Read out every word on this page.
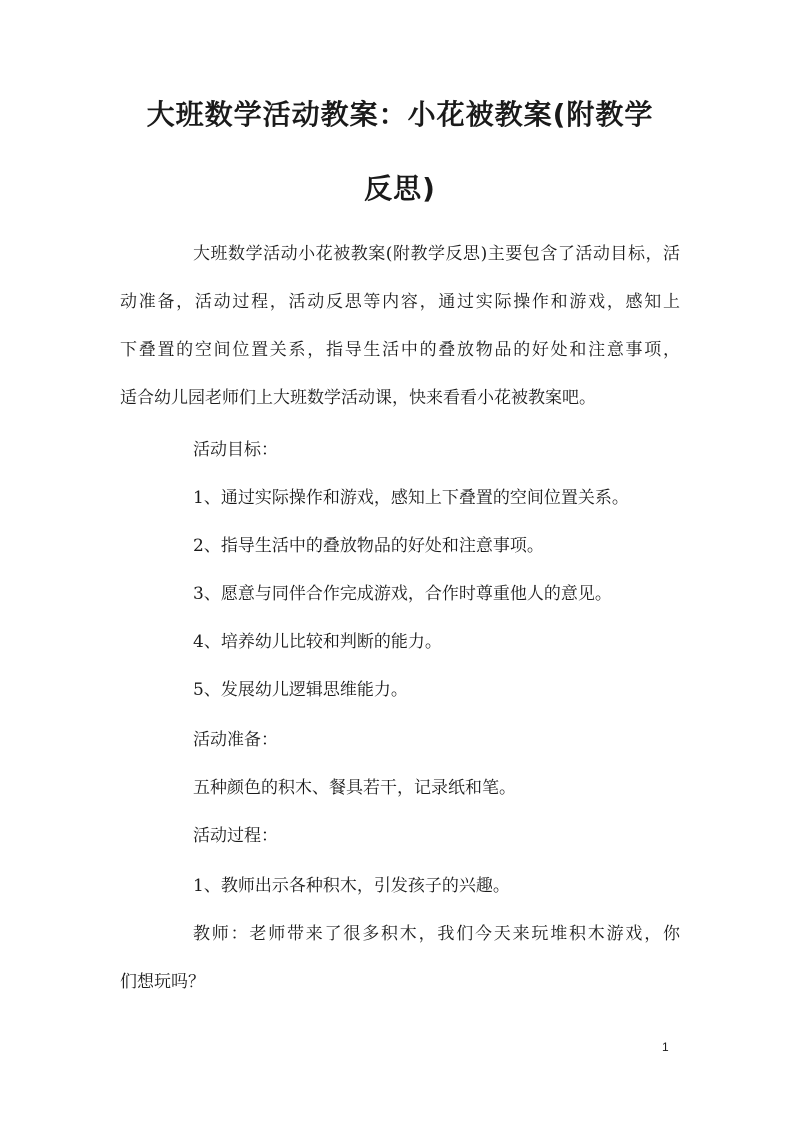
大班数学活动教案：小花被教案(附教学
反思)
大班数学活动小花被教案(附教学反思)主要包含了活动目标，活
动准备，活动过程，活动反思等内容，通过实际操作和游戏，感知上
下叠置的空间位置关系，指导生活中的叠放物品的好处和注意事项，
适合幼儿园老师们上大班数学活动课，快来看看小花被教案吧。
活动目标：
1、通过实际操作和游戏，感知上下叠置的空间位置关系。
2、指导生活中的叠放物品的好处和注意事项。
3、愿意与同伴合作完成游戏，合作时尊重他人的意见。
4、培养幼儿比较和判断的能力。
5、发展幼儿逻辑思维能力。
活动准备：
五种颜色的积木、餐具若干，记录纸和笔。
活动过程：
1、教师出示各种积木，引发孩子的兴趣。
教师：老师带来了很多积木，我们今天来玩堆积木游戏，你
们想玩吗？
1
